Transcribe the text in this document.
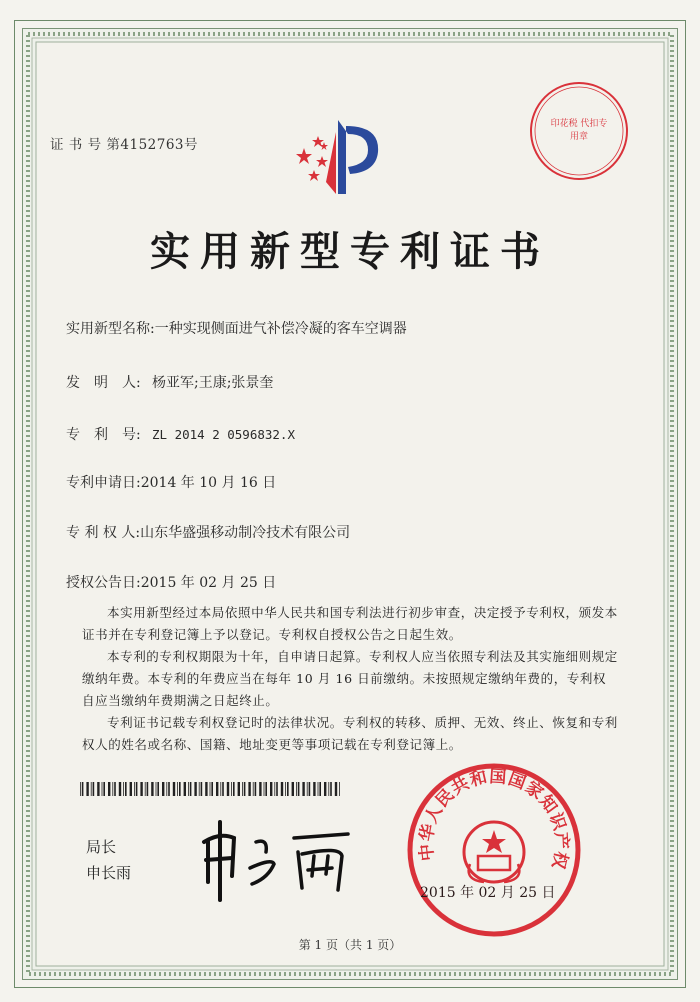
印花税 代扣专用章
证 书 号 第4152763号
实用新型专利证书
实用新型名称:一种实现侧面进气补偿冷凝的客车空调器
发　明　人: 杨亚军;王康;张景奎
专　利　号: ZL 2014 2 0596832.X
专利申请日:2014 年 10 月 16 日
专 利 权 人:山东华盛强移动制冷技术有限公司
授权公告日:2015 年 02 月 25 日

本实用新型经过本局依照中华人民共和国专利法进行初步审查，决定授予专利权，颁发本证书并在专利登记簿上予以登记。专利权自授权公告之日起生效。

本专利的专利权期限为十年，自申请日起算。专利权人应当依照专利法及其实施细则规定缴纳年费。本专利的年费应当在每年 10 月 16 日前缴纳。未按照规定缴纳年费的，专利权自应当缴纳年费期满之日起终止。

专利证书记载专利权登记时的法律状况。专利权的转移、质押、无效、终止、恢复和专利权人的姓名或名称、国籍、地址变更等事项记载在专利登记簿上。

局长
申长雨
中华人民共和国国家知识产权
2015 年 02 月 25 日
第 1 页（共 1 页）
